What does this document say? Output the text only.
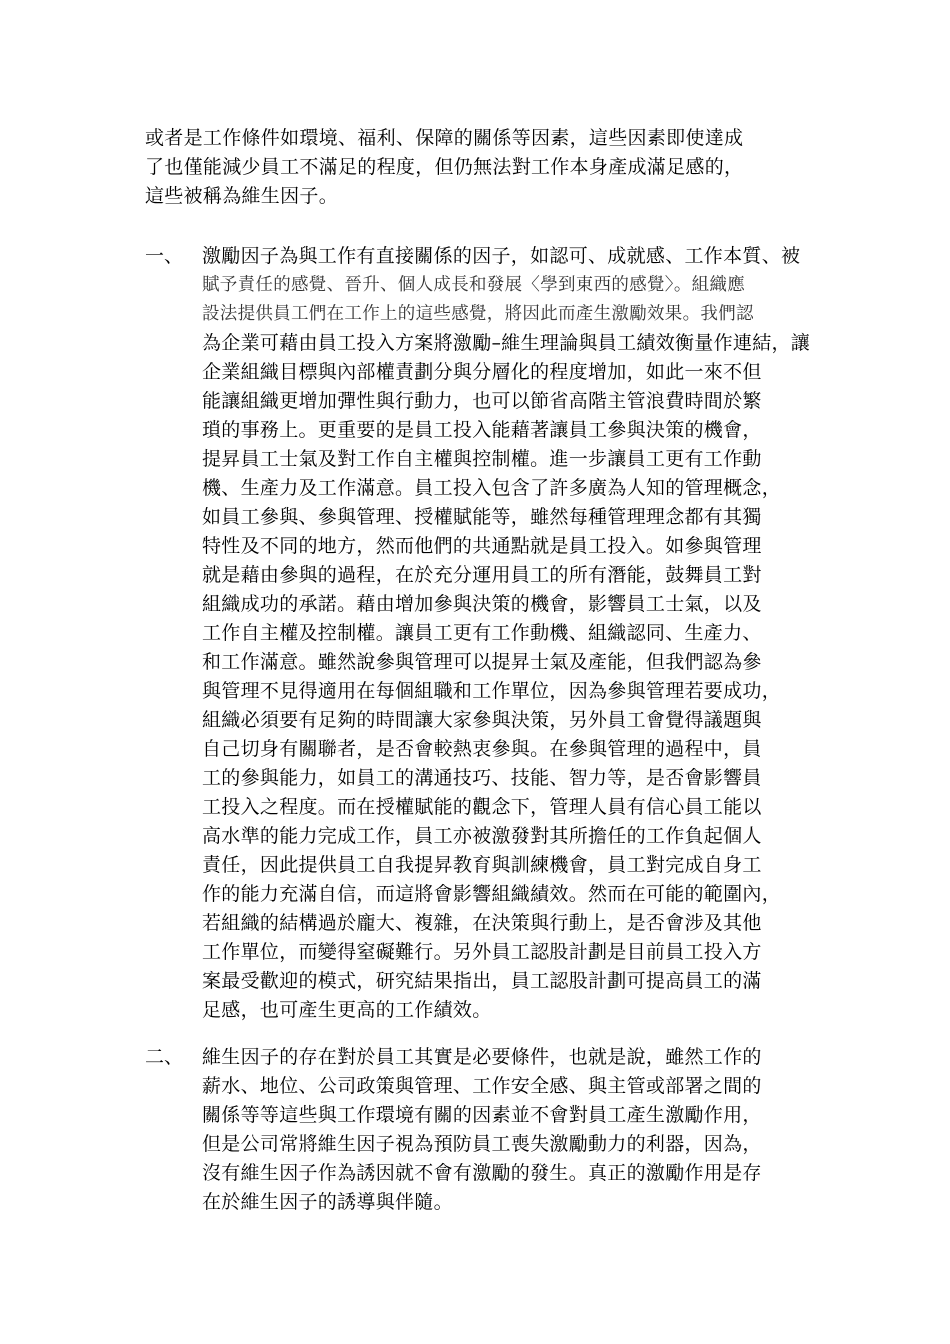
或者是工作條件如環境、福利、保障的關係等因素，這些因素即使達成
了也僅能減少員工不滿足的程度，但仍無法對工作本身產成滿足感的，
這些被稱為維生因子。
一、 激勵因子為與工作有直接關係的因子，如認可、成就感、工作本質、被
賦予責任的感覺、晉升、個人成長和發展〈學到東西的感覺〉。組織應
設法提供員工們在工作上的這些感覺，將因此而產生激勵效果。我們認
為企業可藉由員工投入方案將激勵–維生理論與員工績效衡量作連結，讓
企業組織目標與內部權責劃分與分層化的程度增加，如此一來不但
能讓組織更增加彈性與行動力，也可以節省高階主管浪費時間於繁
瑣的事務上。更重要的是員工投入能藉著讓員工參與決策的機會，
提昇員工士氣及對工作自主權與控制權。進一步讓員工更有工作動
機、生產力及工作滿意。員工投入包含了許多廣為人知的管理概念，
如員工參與、參與管理、授權賦能等，雖然每種管理理念都有其獨
特性及不同的地方，然而他們的共通點就是員工投入。如參與管理
就是藉由參與的過程，在於充分運用員工的所有潛能，鼓舞員工對
組織成功的承諾。藉由增加參與決策的機會，影響員工士氣，以及
工作自主權及控制權。讓員工更有工作動機、組織認同、生產力、
和工作滿意。雖然說參與管理可以提昇士氣及產能，但我們認為參
與管理不見得適用在每個組職和工作單位，因為參與管理若要成功，
組織必須要有足夠的時間讓大家參與決策，另外員工會覺得議題與
自己切身有關聯者，是否會較熱衷參與。在參與管理的過程中，員
工的參與能力，如員工的溝通技巧、技能、智力等，是否會影響員
工投入之程度。而在授權賦能的觀念下，管理人員有信心員工能以
高水準的能力完成工作，員工亦被激發對其所擔任的工作負起個人
責任，因此提供員工自我提昇教育與訓練機會，員工對完成自身工
作的能力充滿自信，而這將會影響組織績效。然而在可能的範圍內，
若組織的結構過於龐大、複雜，在決策與行動上，是否會涉及其他
工作單位，而變得窒礙難行。另外員工認股計劃是目前員工投入方
案最受歡迎的模式，研究結果指出，員工認股計劃可提高員工的滿
足感，也可產生更高的工作績效。
二、 維生因子的存在對於員工其實是必要條件，也就是說，雖然工作的
薪水、地位、公司政策與管理、工作安全感、與主管或部署之間的
關係等等這些與工作環境有關的因素並不會對員工產生激勵作用，
但是公司常將維生因子視為預防員工喪失激勵動力的利器，因為，
沒有維生因子作為誘因就不會有激勵的發生。真正的激勵作用是存
在於維生因子的誘導與伴隨。
